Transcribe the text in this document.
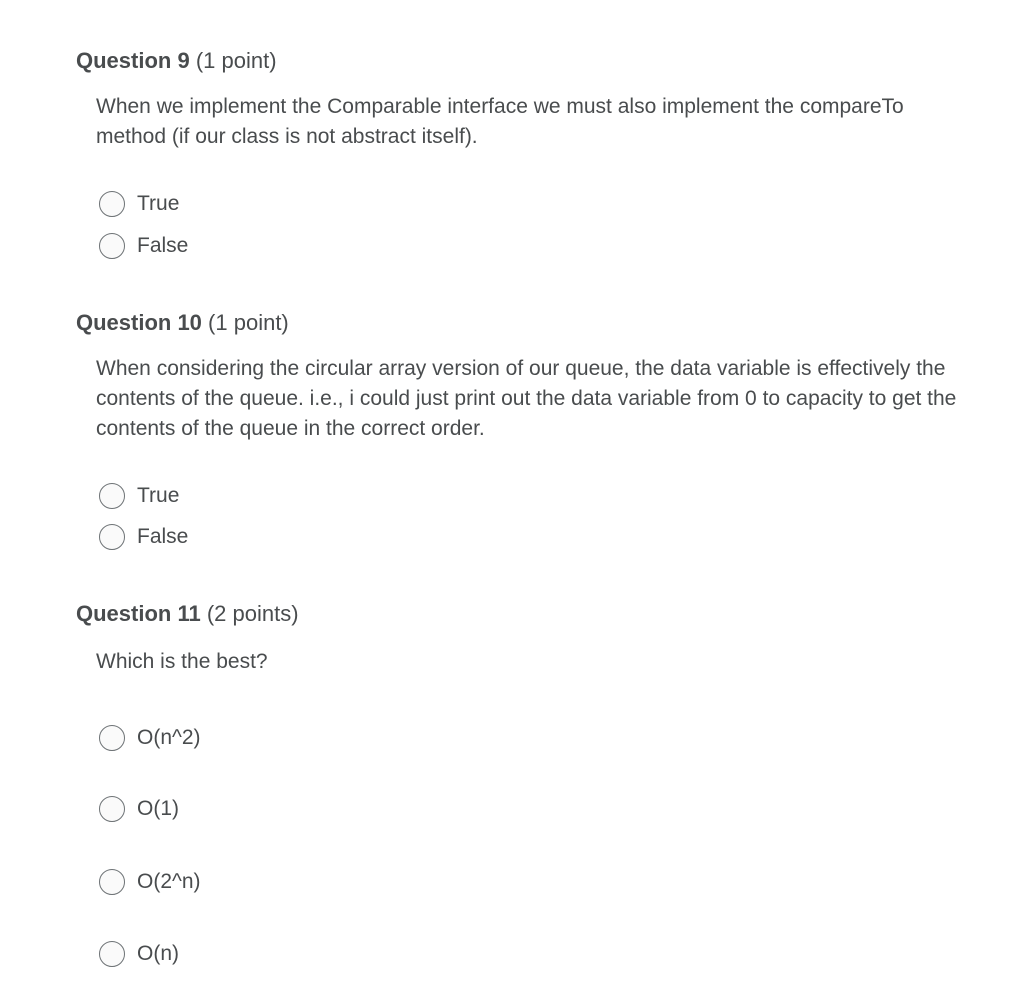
Question 9 (1 point)
When we implement the Comparable interface we must also implement the compareTo method (if our class is not abstract itself).
True
False
Question 10 (1 point)
When considering the circular array version of our queue, the data variable is effectively the contents of the queue. i.e., i could just print out the data variable from 0 to capacity to get the contents of the queue in the correct order.
True
False
Question 11 (2 points)
Which is the best?
O(n^2)
O(1)
O(2^n)
O(n)
